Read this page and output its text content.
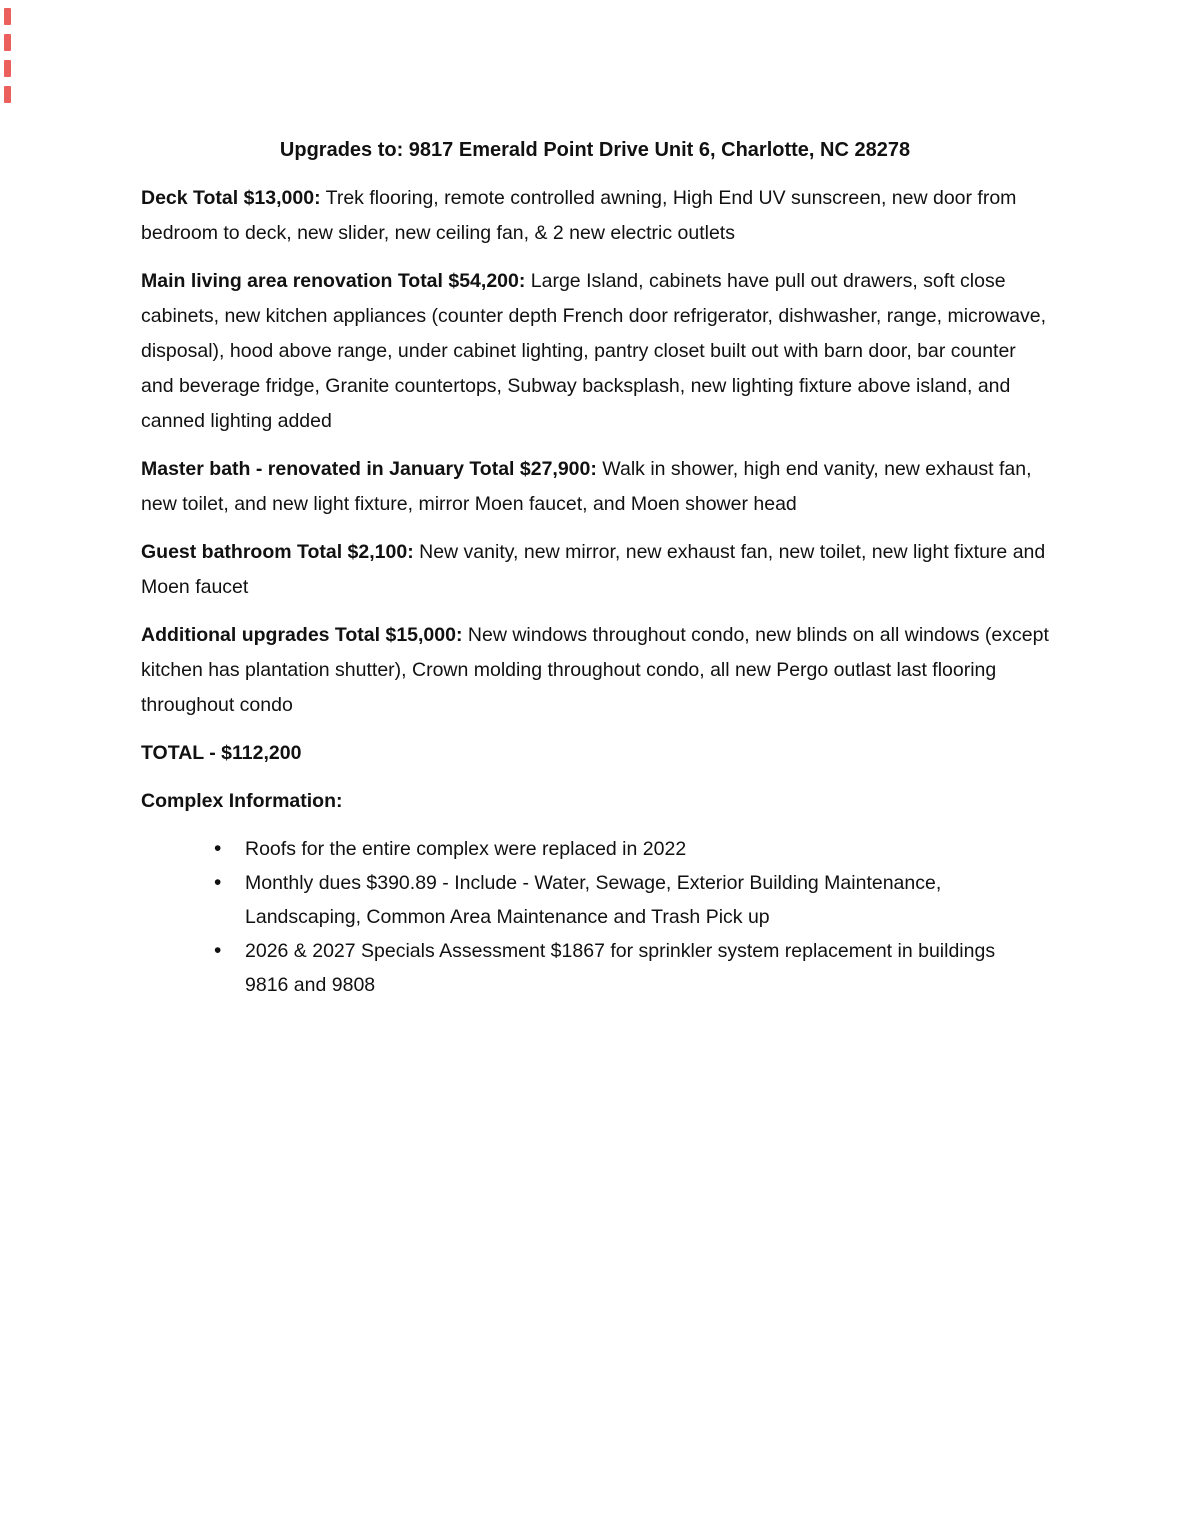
Upgrades to: 9817 Emerald Point Drive Unit 6, Charlotte, NC 28278

Deck Total $13,000: Trek flooring, remote controlled awning, High End UV sunscreen, new door from bedroom to deck, new slider, new ceiling fan, & 2 new electric outlets

Main living area renovation Total $54,200: Large Island, cabinets have pull out drawers, soft close cabinets, new kitchen appliances (counter depth French door refrigerator, dishwasher, range, microwave, disposal), hood above range, under cabinet lighting, pantry closet built out with barn door, bar counter and beverage fridge, Granite countertops, Subway backsplash, new lighting fixture above island, and canned lighting added

Master bath - renovated in January Total $27,900: Walk in shower, high end vanity, new exhaust fan, new toilet, and new light fixture, mirror Moen faucet, and Moen shower head

Guest bathroom Total $2,100: New vanity, new mirror, new exhaust fan, new toilet, new light fixture and Moen faucet

Additional upgrades Total $15,000: New windows throughout condo, new blinds on all windows (except kitchen has plantation shutter), Crown molding throughout condo, all new Pergo outlast last flooring throughout condo

TOTAL - $112,200

Complex Information:

• Roofs for the entire complex were replaced in 2022
• Monthly dues $390.89 - Include - Water, Sewage, Exterior Building Maintenance, Landscaping, Common Area Maintenance and Trash Pick up
• 2026 & 2027 Specials Assessment $1867 for sprinkler system replacement in buildings 9816 and 9808
